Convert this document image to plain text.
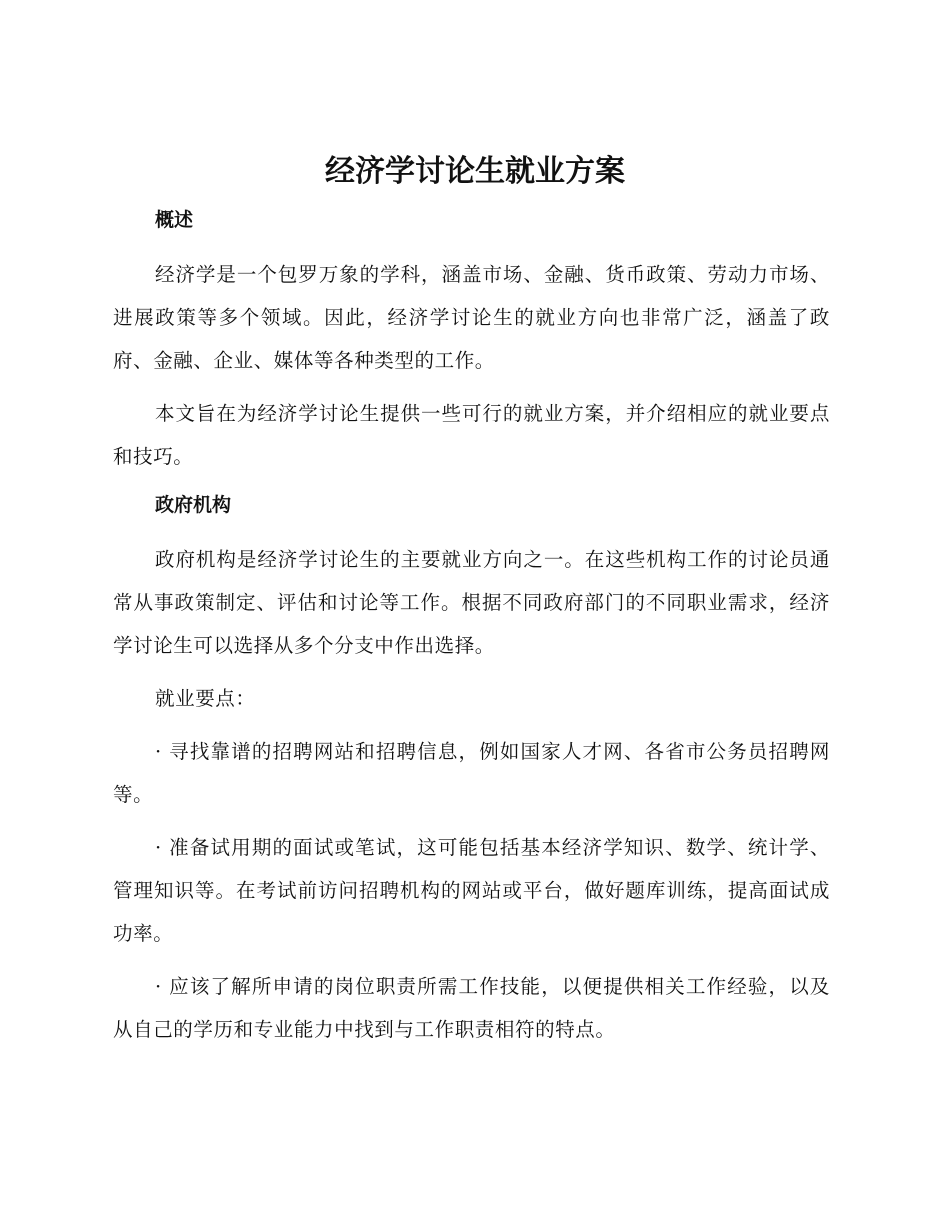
经济学讨论生就业方案
概述

经济学是一个包罗万象的学科，涵盖市场、金融、货币政策、劳动力市场、进展政策等多个领域。因此，经济学讨论生的就业方向也非常广泛，涵盖了政府、金融、企业、媒体等各种类型的工作。

本文旨在为经济学讨论生提供一些可行的就业方案，并介绍相应的就业要点和技巧。

政府机构

政府机构是经济学讨论生的主要就业方向之一。在这些机构工作的讨论员通常从事政策制定、评估和讨论等工作。根据不同政府部门的不同职业需求，经济学讨论生可以选择从多个分支中作出选择。

就业要点：

· 寻找靠谱的招聘网站和招聘信息，例如国家人才网、各省市公务员招聘网等。

· 准备试用期的面试或笔试，这可能包括基本经济学知识、数学、统计学、管理知识等。在考试前访问招聘机构的网站或平台，做好题库训练，提高面试成功率。

· 应该了解所申请的岗位职责所需工作技能，以便提供相关工作经验，以及从自己的学历和专业能力中找到与工作职责相符的特点。
